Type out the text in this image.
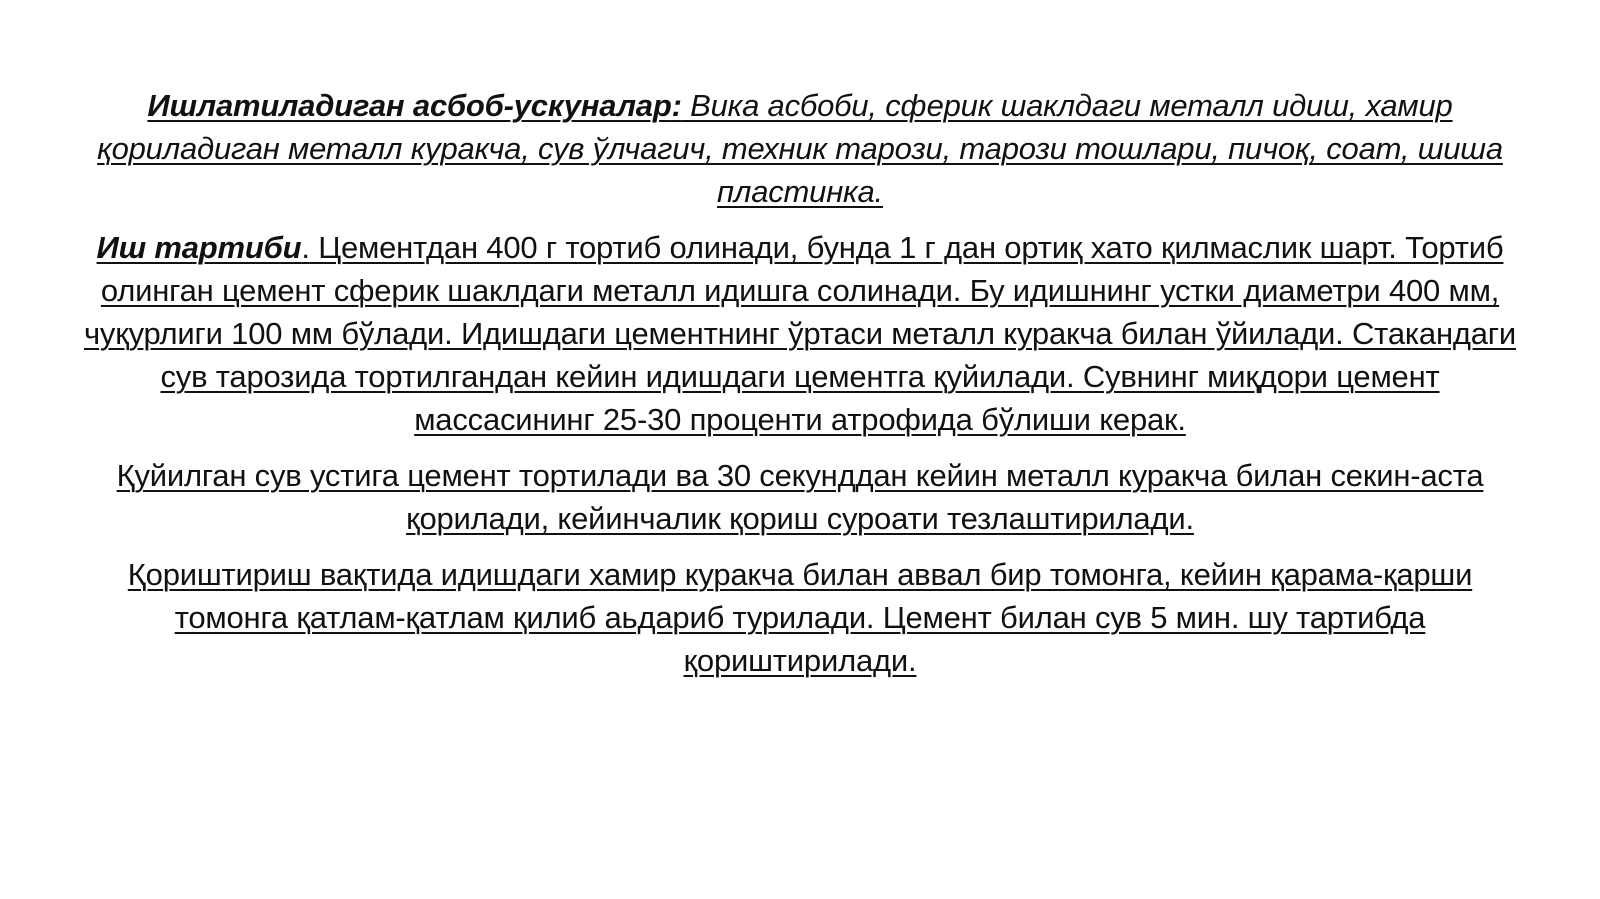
Ишлатиладиган асбоб-ускуналар: Вика асбоби, сферик шаклдаги металл идиш, хамир қориладиган металл куракча, сув ўлчагич, техник тарози, тарози тошлари, пичоқ, соат, шиша пластинка.

Иш тартиби. Цементдан 400 г тортиб олинади, бунда 1 г дан ортиқ хато қилмаслик шарт. Тортиб олинган цемент сферик шаклдаги металл идишга солинади. Бу идишнинг устки диаметри 400 мм, чуқурлиги 100 мм бўлади. Идишдаги цементнинг ўртаси металл куракча билан ўйилади. Стакандаги сув тарозида тортилгандан кейин идишдаги цементга қуйилади. Сувнинг миқдори цемент массасининг 25-30 проценти атрофида бўлиши керак.

Қуйилган сув устига цемент тортилади ва 30 секунддан кейин металл куракча билан секин-аста қорилади, кейинчалик қориш суроати тезлаштирилади.

Қориштириш вақтида идишдаги хамир куракча билан аввал бир томонга, кейин қарама-қарши томонга қатлам-қатлам қилиб аьдариб турилади. Цемент билан сув 5 мин. шу тартибда қориштирилади.
